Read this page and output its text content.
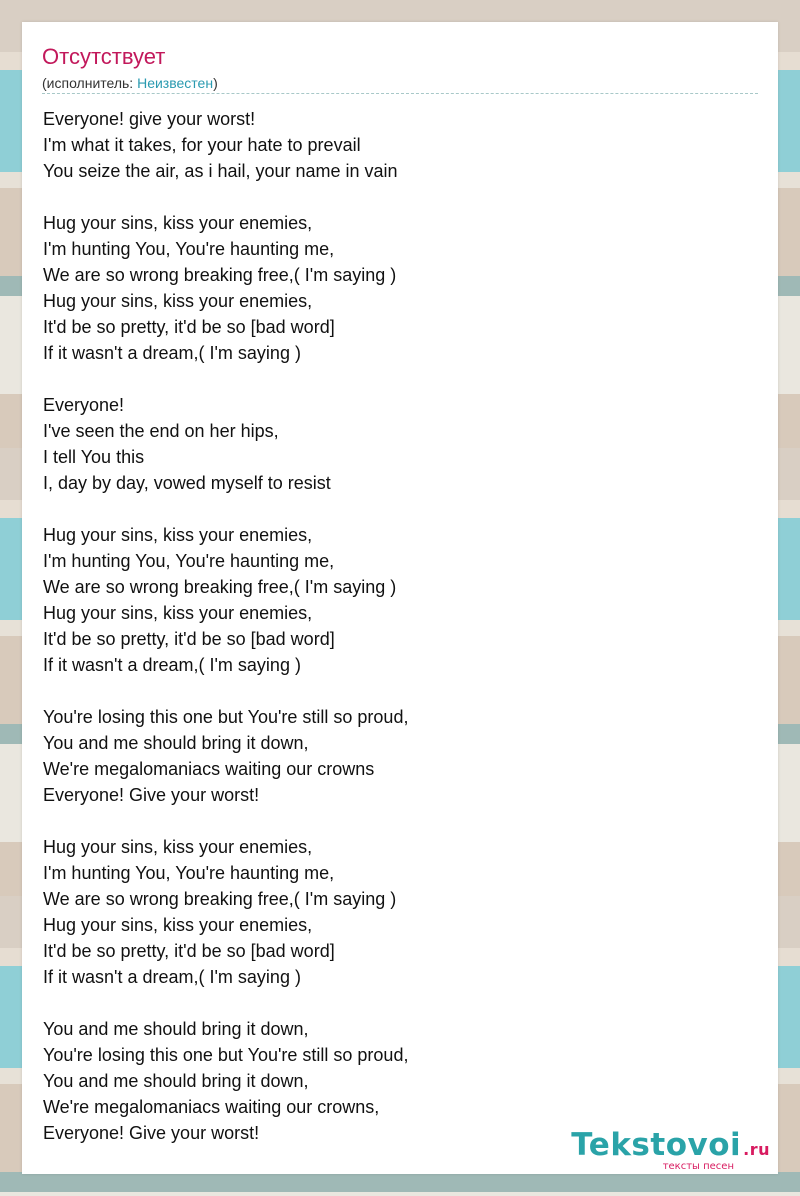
Отсутствует
(исполнитель: Неизвестен)
Everyone! give your worst!
I'm what it takes, for your hate to prevail
You seize the air, as i hail, your name in vain
Hug your sins, kiss your enemies,
I'm hunting You, You're haunting me,
We are so wrong breaking free,( I'm saying )
Hug your sins, kiss your enemies,
It'd be so pretty, it'd be so [bad word]
If it wasn't a dream,( I'm saying )
Everyone!
I've seen the end on her hips,
I tell You this
I, day by day, vowed myself to resist
Hug your sins, kiss your enemies,
I'm hunting You, You're haunting me,
We are so wrong breaking free,( I'm saying )
Hug your sins, kiss your enemies,
It'd be so pretty, it'd be so [bad word]
If it wasn't a dream,( I'm saying )
You're losing this one but You're still so proud,
You and me should bring it down,
We're megalomaniacs waiting our crowns
Everyone! Give your worst!
Hug your sins, kiss your enemies,
I'm hunting You, You're haunting me,
We are so wrong breaking free,( I'm saying )
Hug your sins, kiss your enemies,
It'd be so pretty, it'd be so [bad word]
If it wasn't a dream,( I'm saying )
You and me should bring it down,
You're losing this one but You're still so proud,
You and me should bring it down,
We're megalomaniacs waiting our crowns,
Everyone! Give your worst!	Tekstovoi .ru
тексты песен
